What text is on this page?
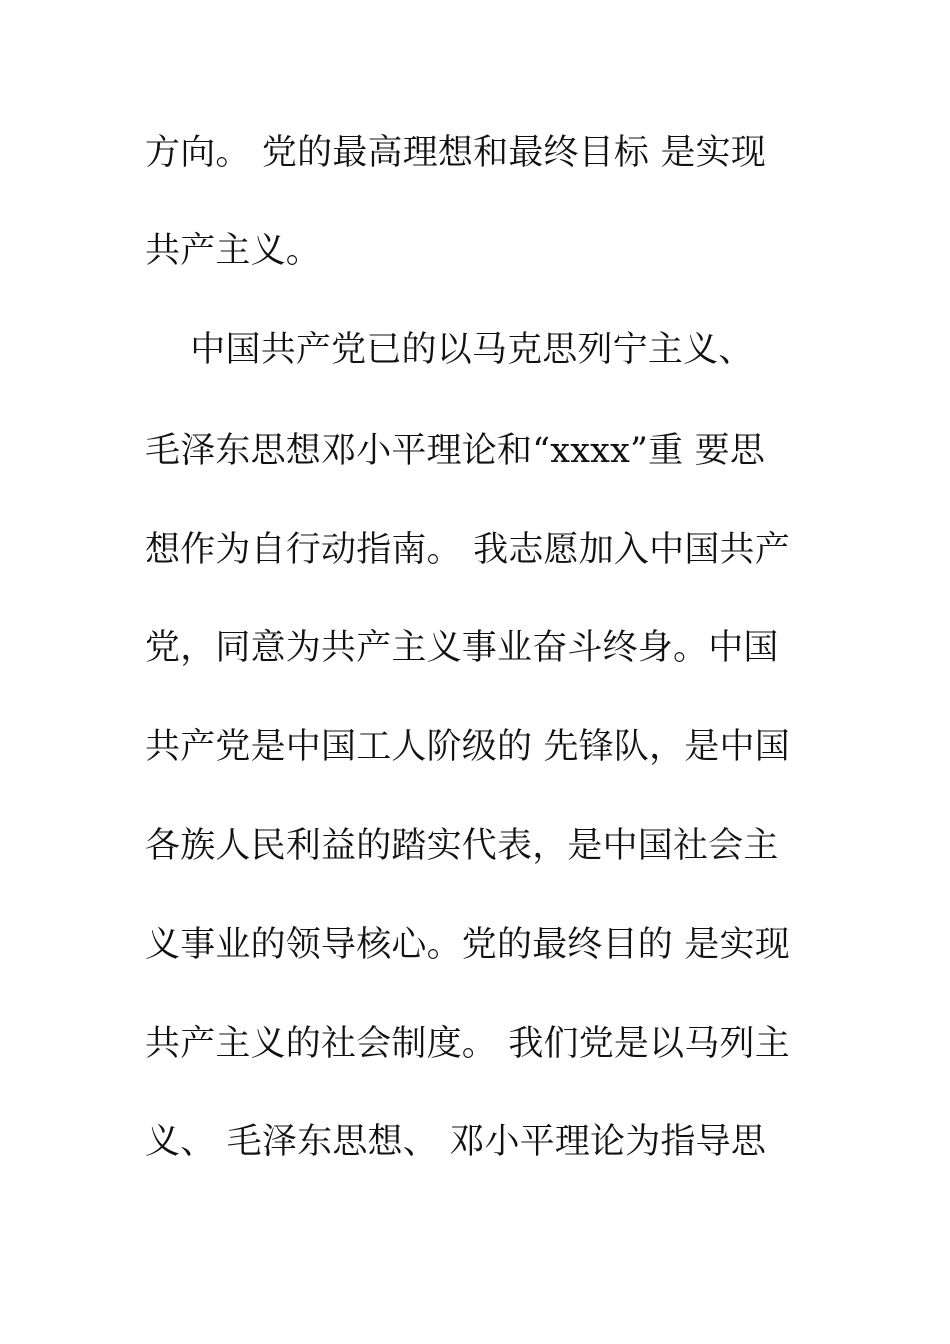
方向。 党的最高理想和最终目标 是实现
共产主义。
中国共产党已的以马克思列宁主义、
毛泽东思想邓小平理论和“xxxx”重 要思
想作为自行动指南。 我志愿加入中国共产
党，同意为共产主义事业奋斗终身。中国
共产党是中国工人阶级的 先锋队，是中国
各族人民利益的踏实代表，是中国社会主
义事业的领导核心。党的最终目的 是实现
共产主义的社会制度。 我们党是以马列主
义、 毛泽东思想、 邓小平理论为指导思
